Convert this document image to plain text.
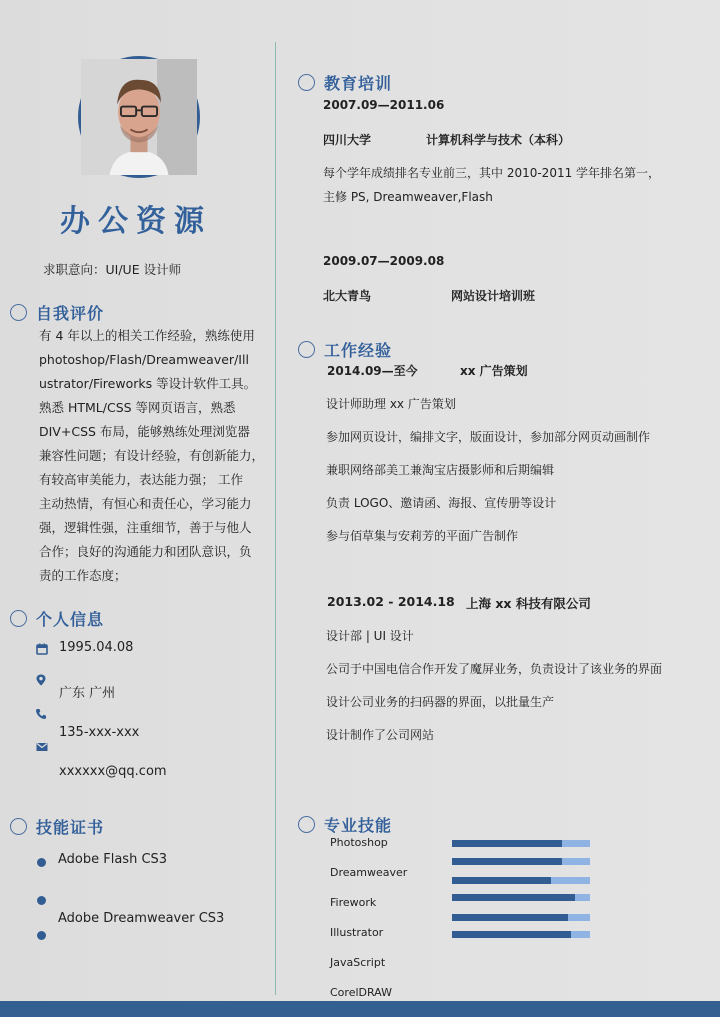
办公资源
求职意向：UI/UE 设计师
自我评价
有 4 年以上的相关工作经验，熟练使用
photoshop/Flash/Dreamweaver/Ill
ustrator/Fireworks 等设计软件工具。
熟悉 HTML/CSS 等网页语言，熟悉
DIV+CSS 布局，能够熟练处理浏览器
兼容性问题；有设计经验，有创新能力，
有较高审美能力，表达能力强； 工作
主动热情，有恒心和责任心，学习能力
强，逻辑性强，注重细节，善于与他人
合作；良好的沟通能力和团队意识，负
责的工作态度；
个人信息
1995.04.08
广东 广州
135-xxx-xxx
xxxxxx@qq.com
技能证书
Adobe Flash CS3
Adobe Dreamweaver CS3
教育培训
2007.09—2011.06
四川大学	计算机科学与技术（本科）
每个学年成绩排名专业前三，其中 2010-2011 学年排名第一，
主修 PS, Dreamweaver,Flash
2009.07—2009.08
北大青鸟	网站设计培训班
工作经验
2014.09—至今	xx 广告策划
设计师助理 xx 广告策划
参加网页设计，编排文字，版面设计，参加部分网页动画制作
兼职网络部美工兼淘宝店摄影师和后期编辑
负责 LOGO、邀请函、海报、宣传册等设计
参与佰草集与安莉芳的平面广告制作
2013.02 - 2014.18 上海 xx 科技有限公司
设计部 | UI 设计
公司于中国电信合作开发了魔屏业务，负责设计了该业务的界面
设计公司业务的扫码器的界面，以批量生产
设计制作了公司网站
专业技能
Photoshop
Dreamweaver
Firework
Illustrator
JavaScript
CorelDRAW
